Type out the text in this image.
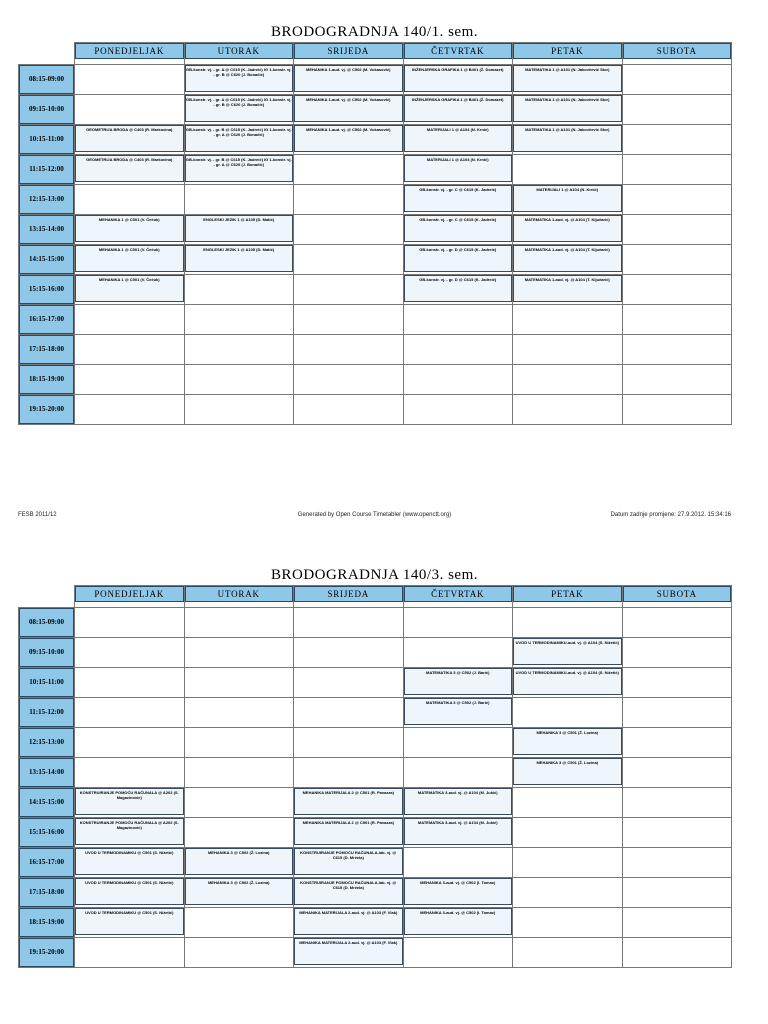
BRODOGRADNJA 140/1. sem.

	PONEDJELJAK	UTORAK	SRIJEDA	ČETVRTAK	PETAK	SUBOTA

08:15-09:00		GB-konstr. vj. - gr. A @ C615 (K. Jadreić) IG 1-konstr. vj. - gr. B @ C620 (J. Bonačić)	MEHANIKA 1-aud. vj. @ C502 (M. Vukasović)	INŽENJERSKA GRAFIKA 1 @ B401 (Ž. Domazet)	MATEMATIKA 1 @ A101 (N. Jakovčević Stor)	

09:15-10:00		GB-konstr. vj. - gr. A @ C615 (K. Jadreić) IG 1-konstr. vj. - gr. B @ C620 (J. Bonačić)	MEHANIKA 1-aud. vj. @ C502 (M. Vukasović)	INŽENJERSKA GRAFIKA 1 @ B401 (Ž. Domazet)	MATEMATIKA 1 @ A101 (N. Jakovčević Stor)	

10:15-11:00	GEOMETRIJA BRODA @ C403 (R. Markovina)	GB-konstr. vj. - gr. B @ C615 (K. Jadreić) IG 1-konstr. vj. - gr. A @ C620 (J. Bonačić)	MEHANIKA 1-aud. vj. @ C502 (M. Vukasović)	MATERIJALI 1 @ A104 (N. Krnić)	MATEMATIKA 1 @ A101 (N. Jakovčević Stor)	

11:15-12:00	GEOMETRIJA BRODA @ C403 (R. Markovina)	GB-konstr. vj. - gr. B @ C615 (K. Jadreić) IG 1-konstr. vj. - gr. A @ C620 (J. Bonačić)		MATERIJALI 1 @ A104 (N. Krnić)		

12:15-13:00				GB-konstr. vj. - gr. C @ C615 (K. Jadreić)	MATERIJALI 1 @ A104 (N. Krnić)	

13:15-14:00	MEHANIKA 1 @ C501 (V. Čečuk)	ENGLESKI JEZIK 1 @ A105 (D. Matić)		GB-konstr. vj. - gr. C @ C615 (K. Jadreić)	MATEMATIKA 1-aud. vj. @ A104 (T. Ključarić)	

14:15-15:00	MEHANIKA 1 @ C501 (V. Čečuk)	ENGLESKI JEZIK 1 @ A105 (D. Matić)		GB-konstr. vj. - gr. D @ C615 (K. Jadreić)	MATEMATIKA 1-aud. vj. @ A104 (T. Ključarić)	

15:15-16:00	MEHANIKA 1 @ C501 (V. Čečuk)			GB-konstr. vj. - gr. D @ C615 (K. Jadreić)	MATEMATIKA 1-aud. vj. @ A104 (T. Ključarić)	

16:15-17:00						

17:15-18:00						

18:15-19:00						

19:15-20:00						

FESB 2011/12	Generated by Open Course Timetabler (www.openctt.org)	Datum zadnje promjene: 27.9.2012. 15:34:16
BRODOGRADNJA 140/3. sem.

	PONEDJELJAK	UTORAK	SRIJEDA	ČETVRTAK	PETAK	SUBOTA

08:15-09:00						

09:15-10:00					UVOD U TERMODINAMIKU-aud. vj. @ A104 (S. Nižetić)	

10:15-11:00				MATEMATIKA 3 @ C502 (J. Barić)	UVOD U TERMODINAMIKU-aud. vj. @ A104 (S. Nižetić)	

11:15-12:00				MATEMATIKA 3 @ C502 (J. Barić)		

12:15-13:00					MEHANIKA 3 @ C501 (Ž. Lozina)	

13:15-14:00					MEHANIKA 3 @ C501 (Ž. Lozina)	

14:15-15:00	KONSTRUIRANJE POMOĆU RAČUNALA @ A202 (S. Magazinović)		MEHANIKA MATERIJALA 2 @ C501 (R. Pavazza)	MATEMATIKA 3-aud. vj. @ A104 (M. Jukić)		

15:15-16:00	KONSTRUIRANJE POMOĆU RAČUNALA @ A202 (S. Magazinović)		MEHANIKA MATERIJALA 2 @ C501 (R. Pavazza)	MATEMATIKA 3-aud. vj. @ A104 (M. Jukić)		

16:15-17:00	UVOD U TERMODINAMIKU @ C501 (S. Nižetić)	MEHANIKA 3 @ C502 (Ž. Lozina)	KONSTRUIRANJE POMOĆU RAČUNALA-lab. vj. @ C615 (D. Mrčela)			

17:15-18:00	UVOD U TERMODINAMIKU @ C501 (S. Nižetić)	MEHANIKA 3 @ C502 (Ž. Lozina)	KONSTRUIRANJE POMOĆU RAČUNALA-lab. vj. @ C615 (D. Mrčela)	MEHANIKA 3-aud. vj. @ C502 (I. Tomac)		

18:15-19:00	UVOD U TERMODINAMIKU @ C501 (S. Nižetić)		MEHANIKA MATERIJALA 2-aud. vj. @ A103 (F. Vlak)	MEHANIKA 3-aud. vj. @ C502 (I. Tomac)		

19:15-20:00			MEHANIKA MATERIJALA 2-aud. vj. @ A103 (F. Vlak)			
